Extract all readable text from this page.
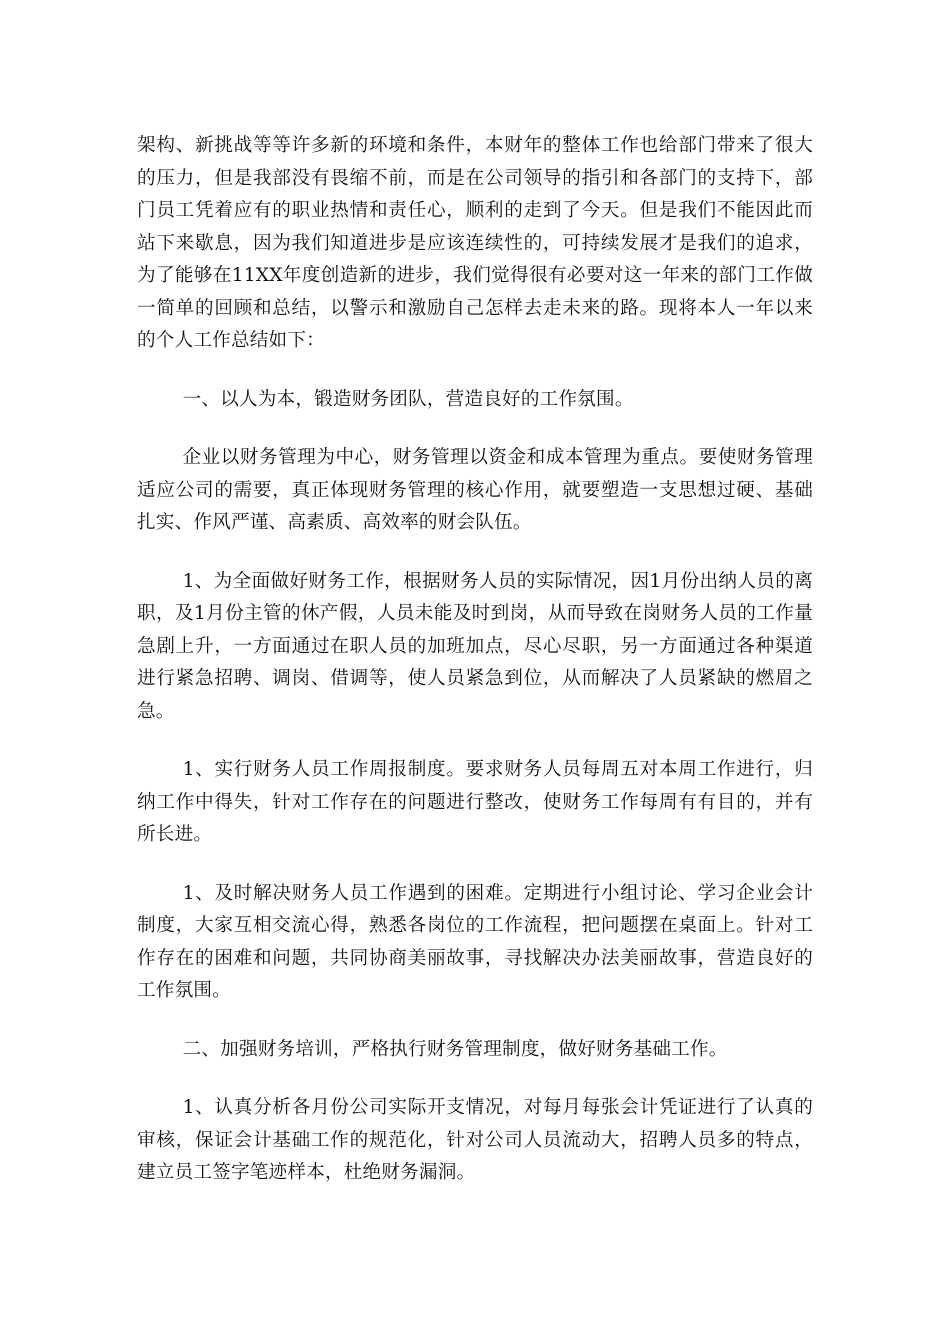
架构、新挑战等等许多新的环境和条件，本财年的整体工作也给部门带来了很大的压力，但是我部没有畏缩不前，而是在公司领导的指引和各部门的支持下，部门员工凭着应有的职业热情和责任心，顺利的走到了今天。但是我们不能因此而站下来歇息，因为我们知道进步是应该连续性的，可持续发展才是我们的追求，为了能够在11XX年度创造新的进步，我们觉得很有必要对这一年来的部门工作做一简单的回顾和总结，以警示和激励自己怎样去走未来的路。现将本人一年以来的个人工作总结如下：

一、以人为本，锻造财务团队，营造良好的工作氛围。

企业以财务管理为中心，财务管理以资金和成本管理为重点。要使财务管理适应公司的需要，真正体现财务管理的核心作用，就要塑造一支思想过硬、基础扎实、作风严谨、高素质、高效率的财会队伍。

1、为全面做好财务工作，根据财务人员的实际情况，因1月份出纳人员的离职，及1月份主管的休产假，人员未能及时到岗，从而导致在岗财务人员的工作量急剧上升，一方面通过在职人员的加班加点，尽心尽职，另一方面通过各种渠道进行紧急招聘、调岗、借调等，使人员紧急到位，从而解决了人员紧缺的燃眉之急。

1、实行财务人员工作周报制度。要求财务人员每周五对本周工作进行，归纳工作中得失，针对工作存在的问题进行整改，使财务工作每周有有目的，并有所长进。

1、及时解决财务人员工作遇到的困难。定期进行小组讨论、学习企业会计制度，大家互相交流心得，熟悉各岗位的工作流程，把问题摆在桌面上。针对工作存在的困难和问题，共同协商美丽故事，寻找解决办法美丽故事，营造良好的工作氛围。

二、加强财务培训，严格执行财务管理制度，做好财务基础工作。

1、认真分析各月份公司实际开支情况，对每月每张会计凭证进行了认真的审核，保证会计基础工作的规范化，针对公司人员流动大，招聘人员多的特点，建立员工签字笔迹样本，杜绝财务漏洞。
